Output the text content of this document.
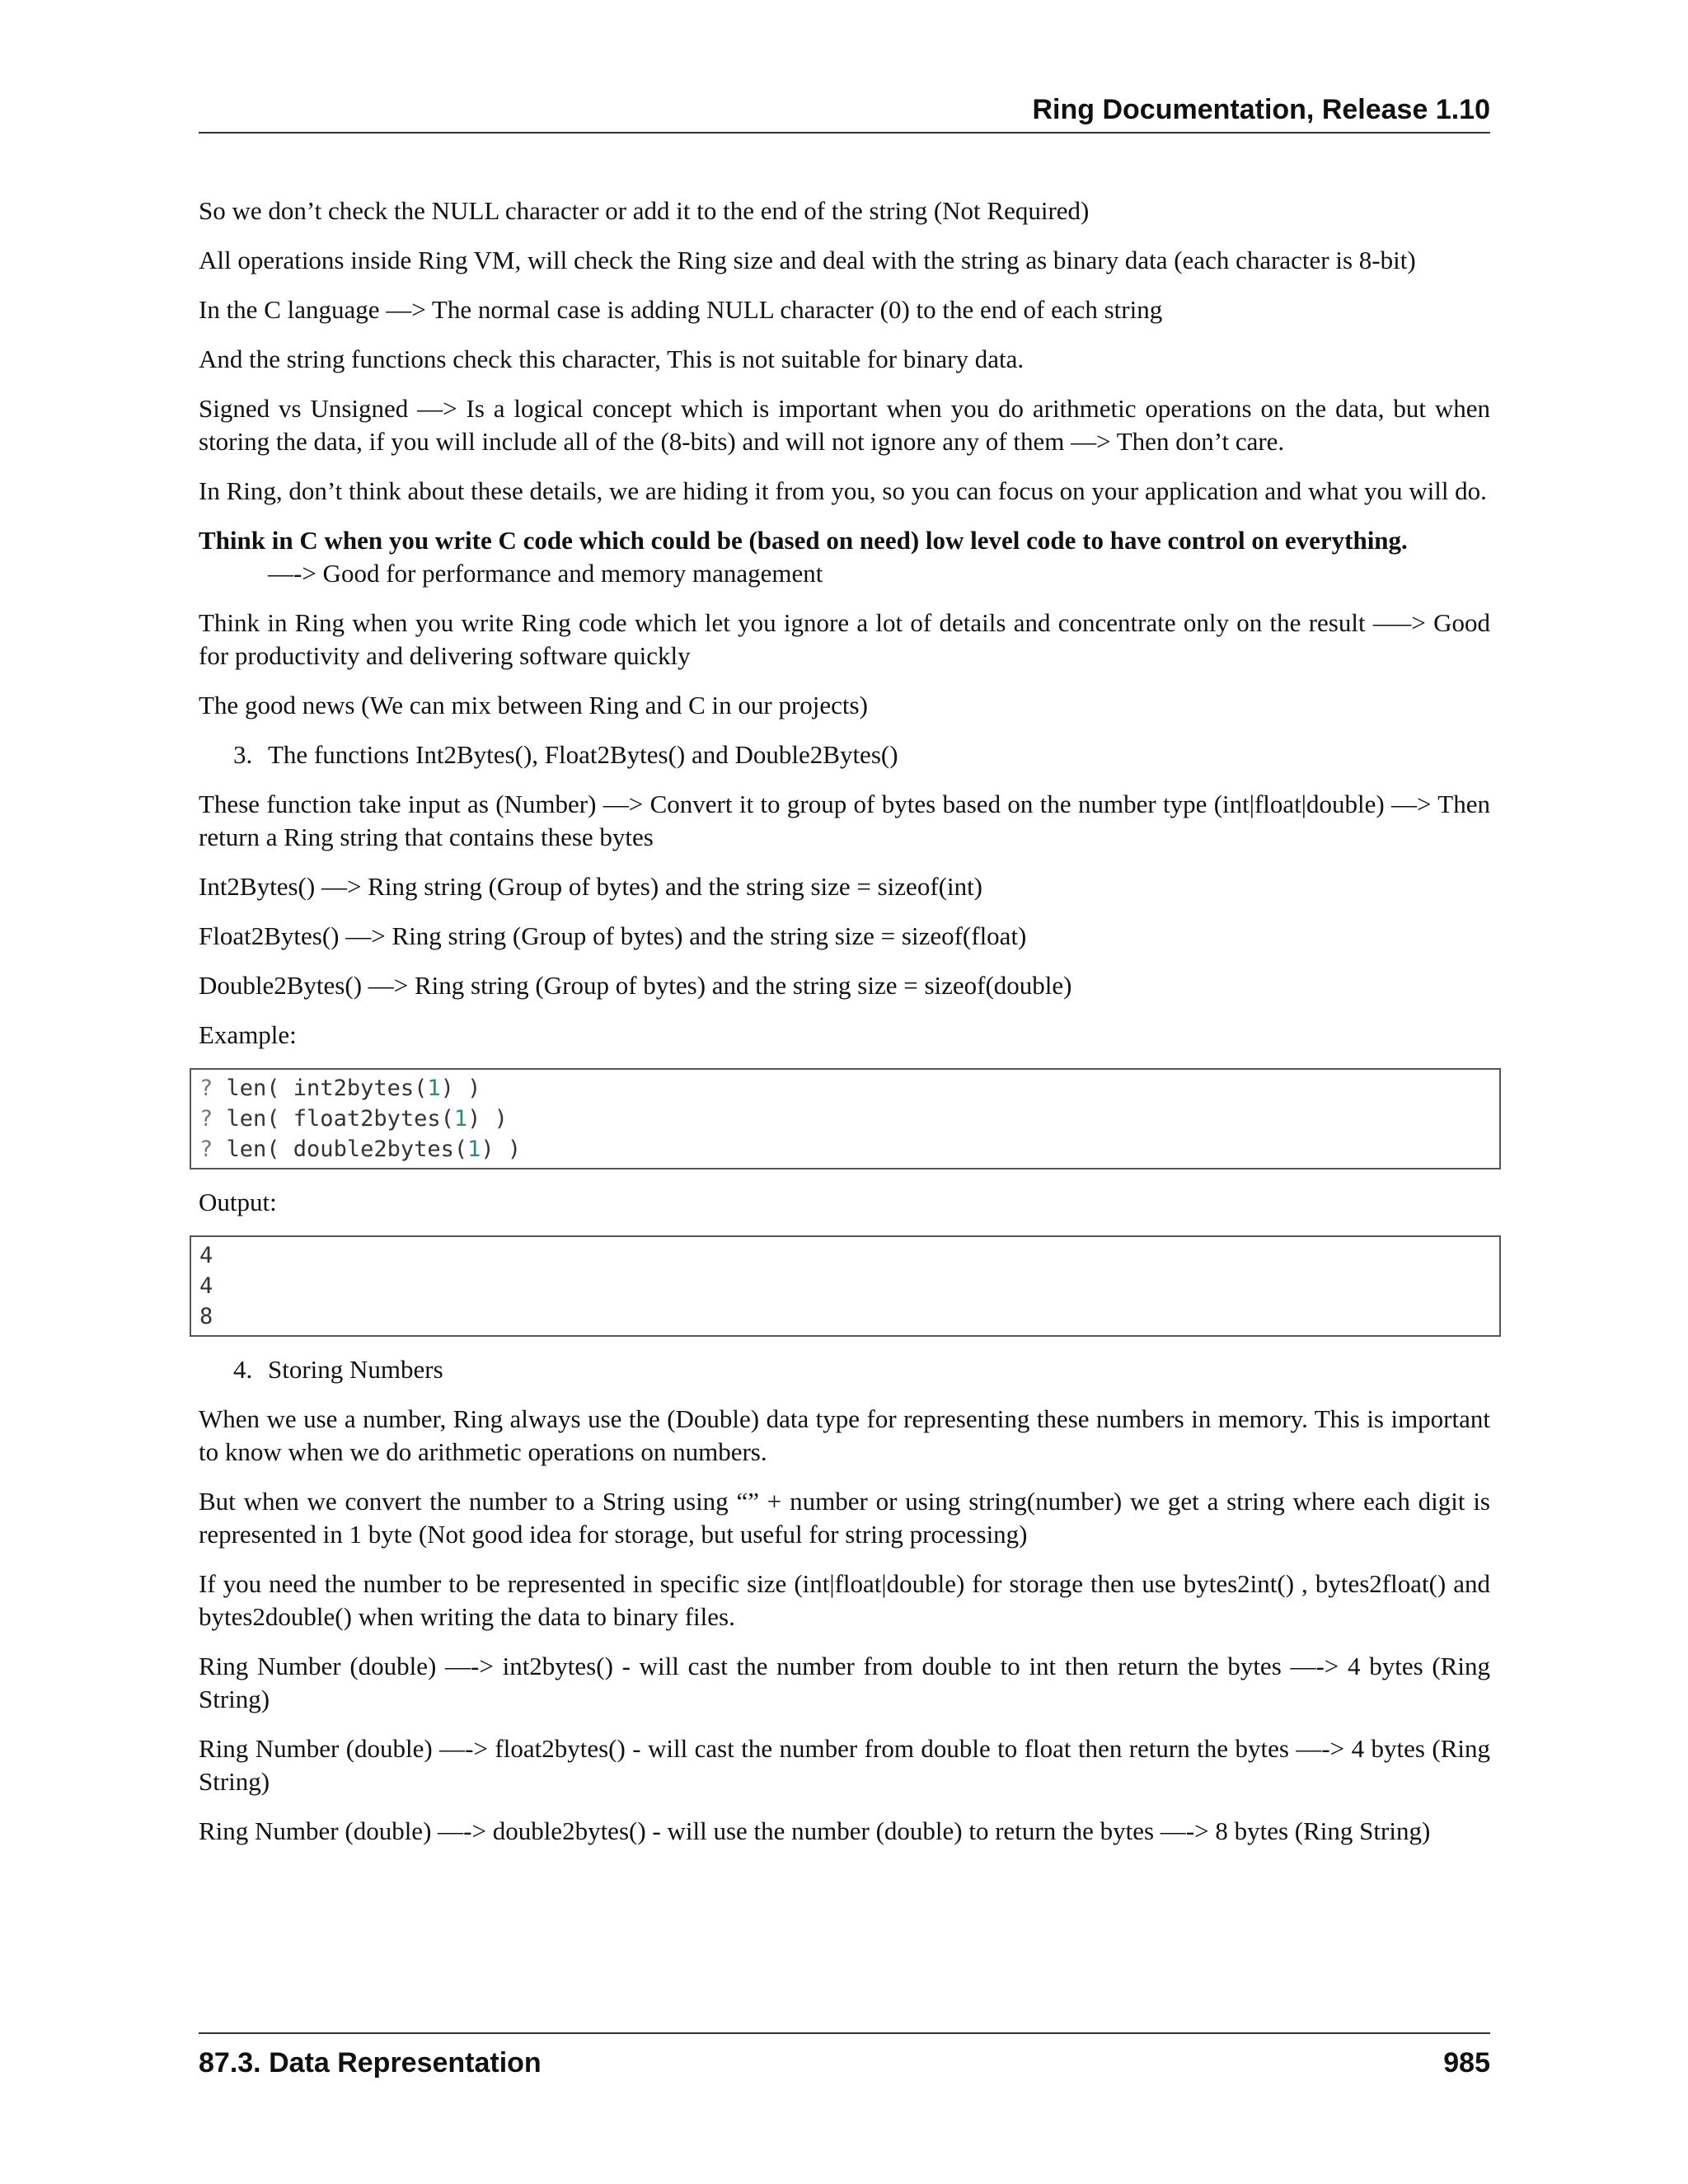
Ring Documentation, Release 1.10

So we don’t check the NULL character or add it to the end of the string (Not Required)

All operations inside Ring VM, will check the Ring size and deal with the string as binary data (each character is 8-bit)

In the C language —> The normal case is adding NULL character (0) to the end of each string

And the string functions check this character, This is not suitable for binary data.

Signed vs Unsigned —> Is a logical concept which is important when you do arithmetic operations on the data, but when storing the data, if you will include all of the (8-bits) and will not ignore any of them —> Then don’t care.

In Ring, don’t think about these details, we are hiding it from you, so you can focus on your application and what you will do.

Think in C when you write C code which could be (based on need) low level code to have control on everything.

—-> Good for performance and memory management

Think in Ring when you write Ring code which let you ignore a lot of details and concentrate only on the result —–> Good for productivity and delivering software quickly

The good news (We can mix between Ring and C in our projects)

3. The functions Int2Bytes(), Float2Bytes() and Double2Bytes()

These function take input as (Number) —> Convert it to group of bytes based on the number type (int|float|double) —> Then return a Ring string that contains these bytes

Int2Bytes() —> Ring string (Group of bytes) and the string size = sizeof(int)

Float2Bytes() —> Ring string (Group of bytes) and the string size = sizeof(float)

Double2Bytes() —> Ring string (Group of bytes) and the string size = sizeof(double)

Example:

? len( int2bytes(1) )
? len( float2bytes(1) )
? len( double2bytes(1) )

Output:

4
4
8
4. Storing Numbers

When we use a number, Ring always use the (Double) data type for representing these numbers in memory. This is important to know when we do arithmetic operations on numbers.

But when we convert the number to a String using “” + number or using string(number) we get a string where each digit is represented in 1 byte (Not good idea for storage, but useful for string processing)

If you need the number to be represented in specific size (int|float|double) for storage then use bytes2int() , bytes2float() and bytes2double() when writing the data to binary files.

Ring Number (double) —-> int2bytes() - will cast the number from double to int then return the bytes —-> 4 bytes (Ring String)

Ring Number (double) —-> float2bytes() - will cast the number from double to float then return the bytes —-> 4 bytes (Ring String)

Ring Number (double) —-> double2bytes() - will use the number (double) to return the bytes —-> 8 bytes (Ring String)

87.3. Data Representation	985
